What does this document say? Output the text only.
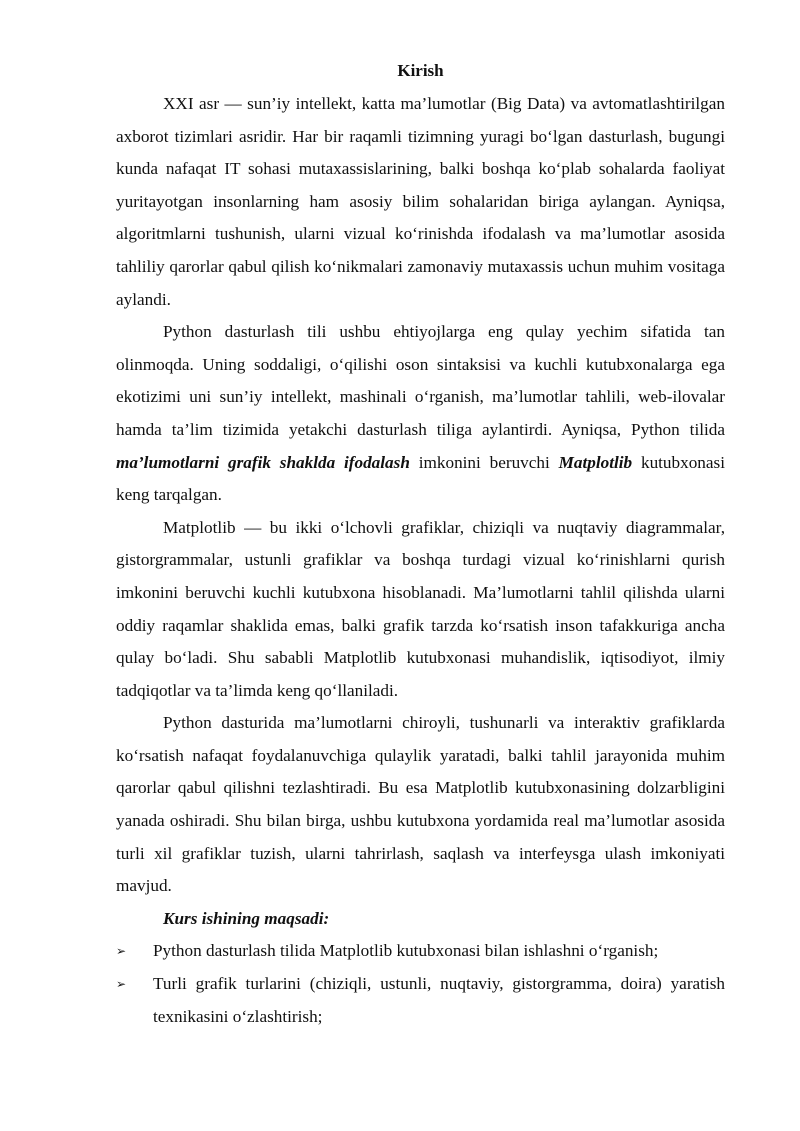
Kirish

XXI asr — sun’iy intellekt, katta ma’lumotlar (Big Data) va avtomatlashtirilgan axborot tizimlari asridir. Har bir raqamli tizimning yuragi bo‘lgan dasturlash, bugungi kunda nafaqat IT sohasi mutaxassislarining, balki boshqa ko‘plab sohalarda faoliyat yuritayotgan insonlarning ham asosiy bilim sohalaridan biriga aylangan. Ayniqsa, algoritmlarni tushunish, ularni vizual ko‘rinishda ifodalash va ma’lumotlar asosida tahliliy qarorlar qabul qilish ko‘nikmalari zamonaviy mutaxassis uchun muhim vositaga aylandi.

Python dasturlash tili ushbu ehtiyojlarga eng qulay yechim sifatida tan olinmoqda. Uning soddaligi, o‘qilishi oson sintaksisi va kuchli kutubxonalarga ega ekotizimi uni sun’iy intellekt, mashinali o‘rganish, ma’lumotlar tahlili, web-ilovalar hamda ta’lim tizimida yetakchi dasturlash tiliga aylantirdi. Ayniqsa, Python tilida ma’lumotlarni grafik shaklda ifodalash imkonini beruvchi Matplotlib kutubxonasi keng tarqalgan.

Matplotlib — bu ikki o‘lchovli grafiklar, chiziqli va nuqtaviy diagrammalar, gistorgrammalar, ustunli grafiklar va boshqa turdagi vizual ko‘rinishlarni qurish imkonini beruvchi kuchli kutubxona hisoblanadi. Ma’lumotlarni tahlil qilishda ularni oddiy raqamlar shaklida emas, balki grafik tarzda ko‘rsatish inson tafakkuriga ancha qulay bo‘ladi. Shu sababli Matplotlib kutubxonasi muhandislik, iqtisodiyot, ilmiy tadqiqotlar va ta’limda keng qo‘llaniladi.

Python dasturida ma’lumotlarni chiroyli, tushunarli va interaktiv grafiklarda ko‘rsatish nafaqat foydalanuvchiga qulaylik yaratadi, balki tahlil jarayonida muhim qarorlar qabul qilishni tezlashtiradi. Bu esa Matplotlib kutubxonasining dolzarbligini yanada oshiradi. Shu bilan birga, ushbu kutubxona yordamida real ma’lumotlar asosida turli xil grafiklar tuzish, ularni tahrirlash, saqlash va interfeysga ulash imkoniyati mavjud.

Kurs ishining maqsadi:
➢ Python dasturlash tilida Matplotlib kutubxonasi bilan ishlashni o‘rganish;
➢ Turli grafik turlarini (chiziqli, ustunli, nuqtaviy, gistorgramma, doira) yaratish texnikasini o‘zlashtirish;
